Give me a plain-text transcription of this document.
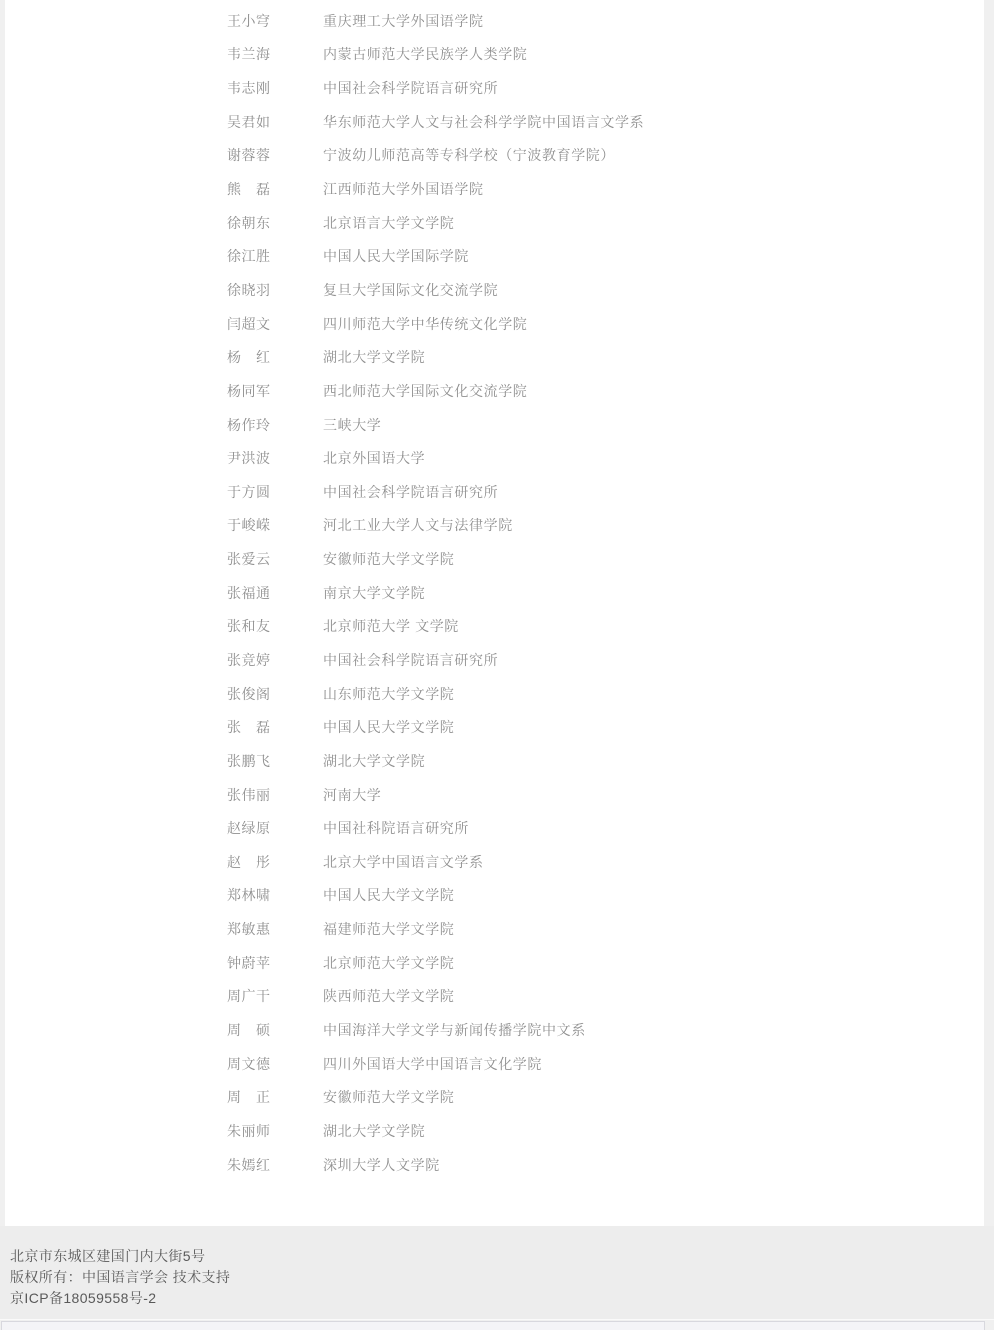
王小穹	重庆理工大学外国语学院
韦兰海	内蒙古师范大学民族学人类学院
韦志刚	中国社会科学院语言研究所
吴君如	华东师范大学人文与社会科学学院中国语言文学系
谢蓉蓉	宁波幼儿师范高等专科学校（宁波教育学院）
熊　磊	江西师范大学外国语学院
徐朝东	北京语言大学文学院
徐江胜	中国人民大学国际学院
徐晓羽	复旦大学国际文化交流学院
闫超文	四川师范大学中华传统文化学院
杨　红	湖北大学文学院
杨同军	西北师范大学国际文化交流学院
杨作玲	三峡大学
尹洪波	北京外国语大学
于方圆	中国社会科学院语言研究所
于峻嵘	河北工业大学人文与法律学院
张爱云	安徽师范大学文学院
张福通	南京大学文学院
张和友	北京师范大学 文学院
张竞婷	中国社会科学院语言研究所
张俊阁	山东师范大学文学院
张　磊	中国人民大学文学院
张鹏飞	湖北大学文学院
张伟丽	河南大学
赵绿原	中国社科院语言研究所
赵　彤	北京大学中国语言文学系
郑林啸	中国人民大学文学院
郑敏惠	福建师范大学文学院
钟蔚苹	北京师范大学文学院
周广干	陕西师范大学文学院
周　硕	中国海洋大学文学与新闻传播学院中文系
周文德	四川外国语大学中国语言文化学院
周　正	安徽师范大学文学院
朱丽师	湖北大学文学院
朱嫣红	深圳大学人文学院
北京市东城区建国门内大街5号
版权所有：中国语言学会 技术支持
京ICP备18059558号-2
